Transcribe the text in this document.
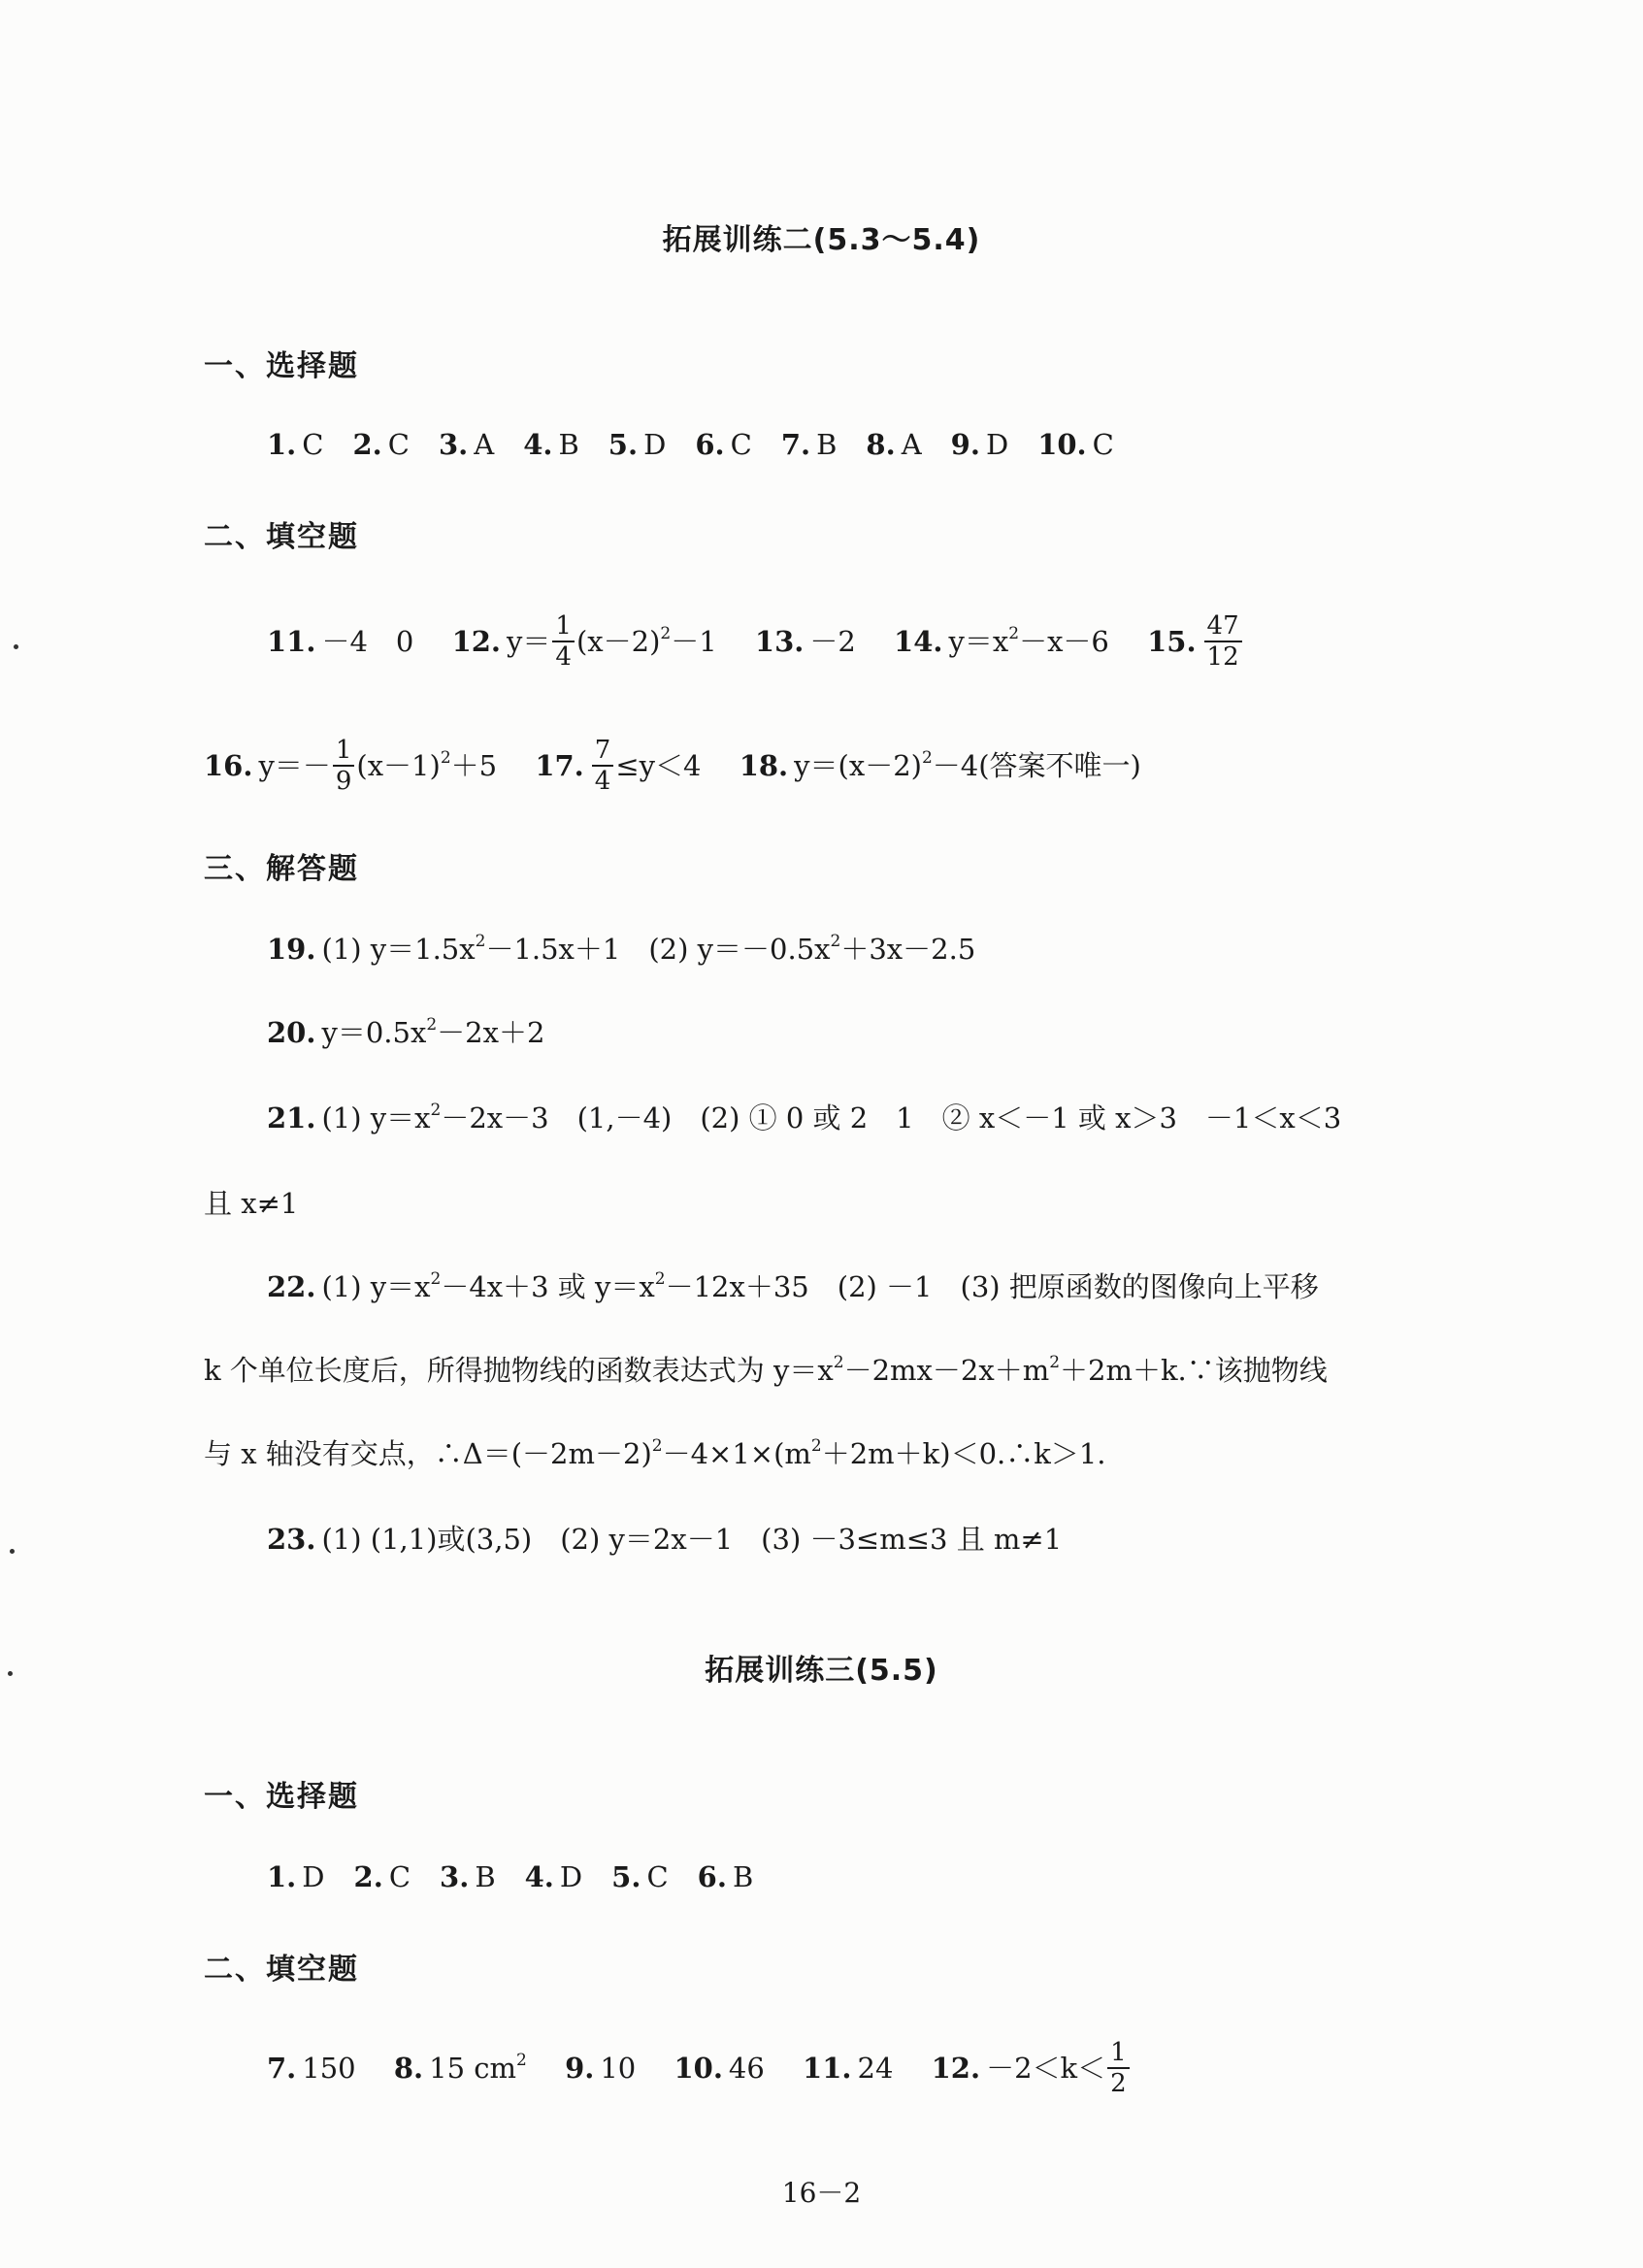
拓展训练二(5.3～5.4)
一、选择题
1. C 2. C 3. A 4. B 5. D 6. C 7. B 8. A 9. D 10. C
二、填空题
11. －4　0 12. $y= \frac{1}{4} (x-2)^2-1$ 13. －2 14. $y=x^2-x-6$ 15. $\frac{47}{12}$
16. $y=- \frac{1}{9} (x-1)^2+5$ 17. $\frac{7}{4} \le y<4$ 18. $y=(x-2)^2-4$(答案不唯一)
三、解答题
19. (1) $y=1.5x^2-1.5x+1$　(2) $y=-0.5x^2+3x-2.5$
20. $y=0.5x^2-2x+2$
21. (1) $y=x^2-2x-3$　(1,－4)　(2) ① 0 或 2　1　② x＜－1 或 x＞3　－1＜x＜3
且 x≠1
22. (1) $y=x^2-4x+3$ 或 $y=x^2-12x+35$　(2) －1　(3) 把原函数的图像向上平移
k 个单位长度后，所得抛物线的函数表达式为 $y=x^2-2mx-2x+m^2+2m+k.\because$该抛物线
与 x 轴没有交点，$\therefore\Delta=(-2m-2)^2-4\times 1\times(m^2+2m+k)<0.\therefore k>1$.
23. (1) (1,1)或(3,5)　(2) y＝2x－1　(3) －3≤m≤3 且 m≠1
拓展训练三(5.5)
一、选择题
1. D 2. C 3. B 4. D 5. C 6. B
二、填空题
7. 150 8. 15 $cm^2$ 9. 10 10. 46 11. 24 12. $-2<k< \frac{1}{2}$
16－2
